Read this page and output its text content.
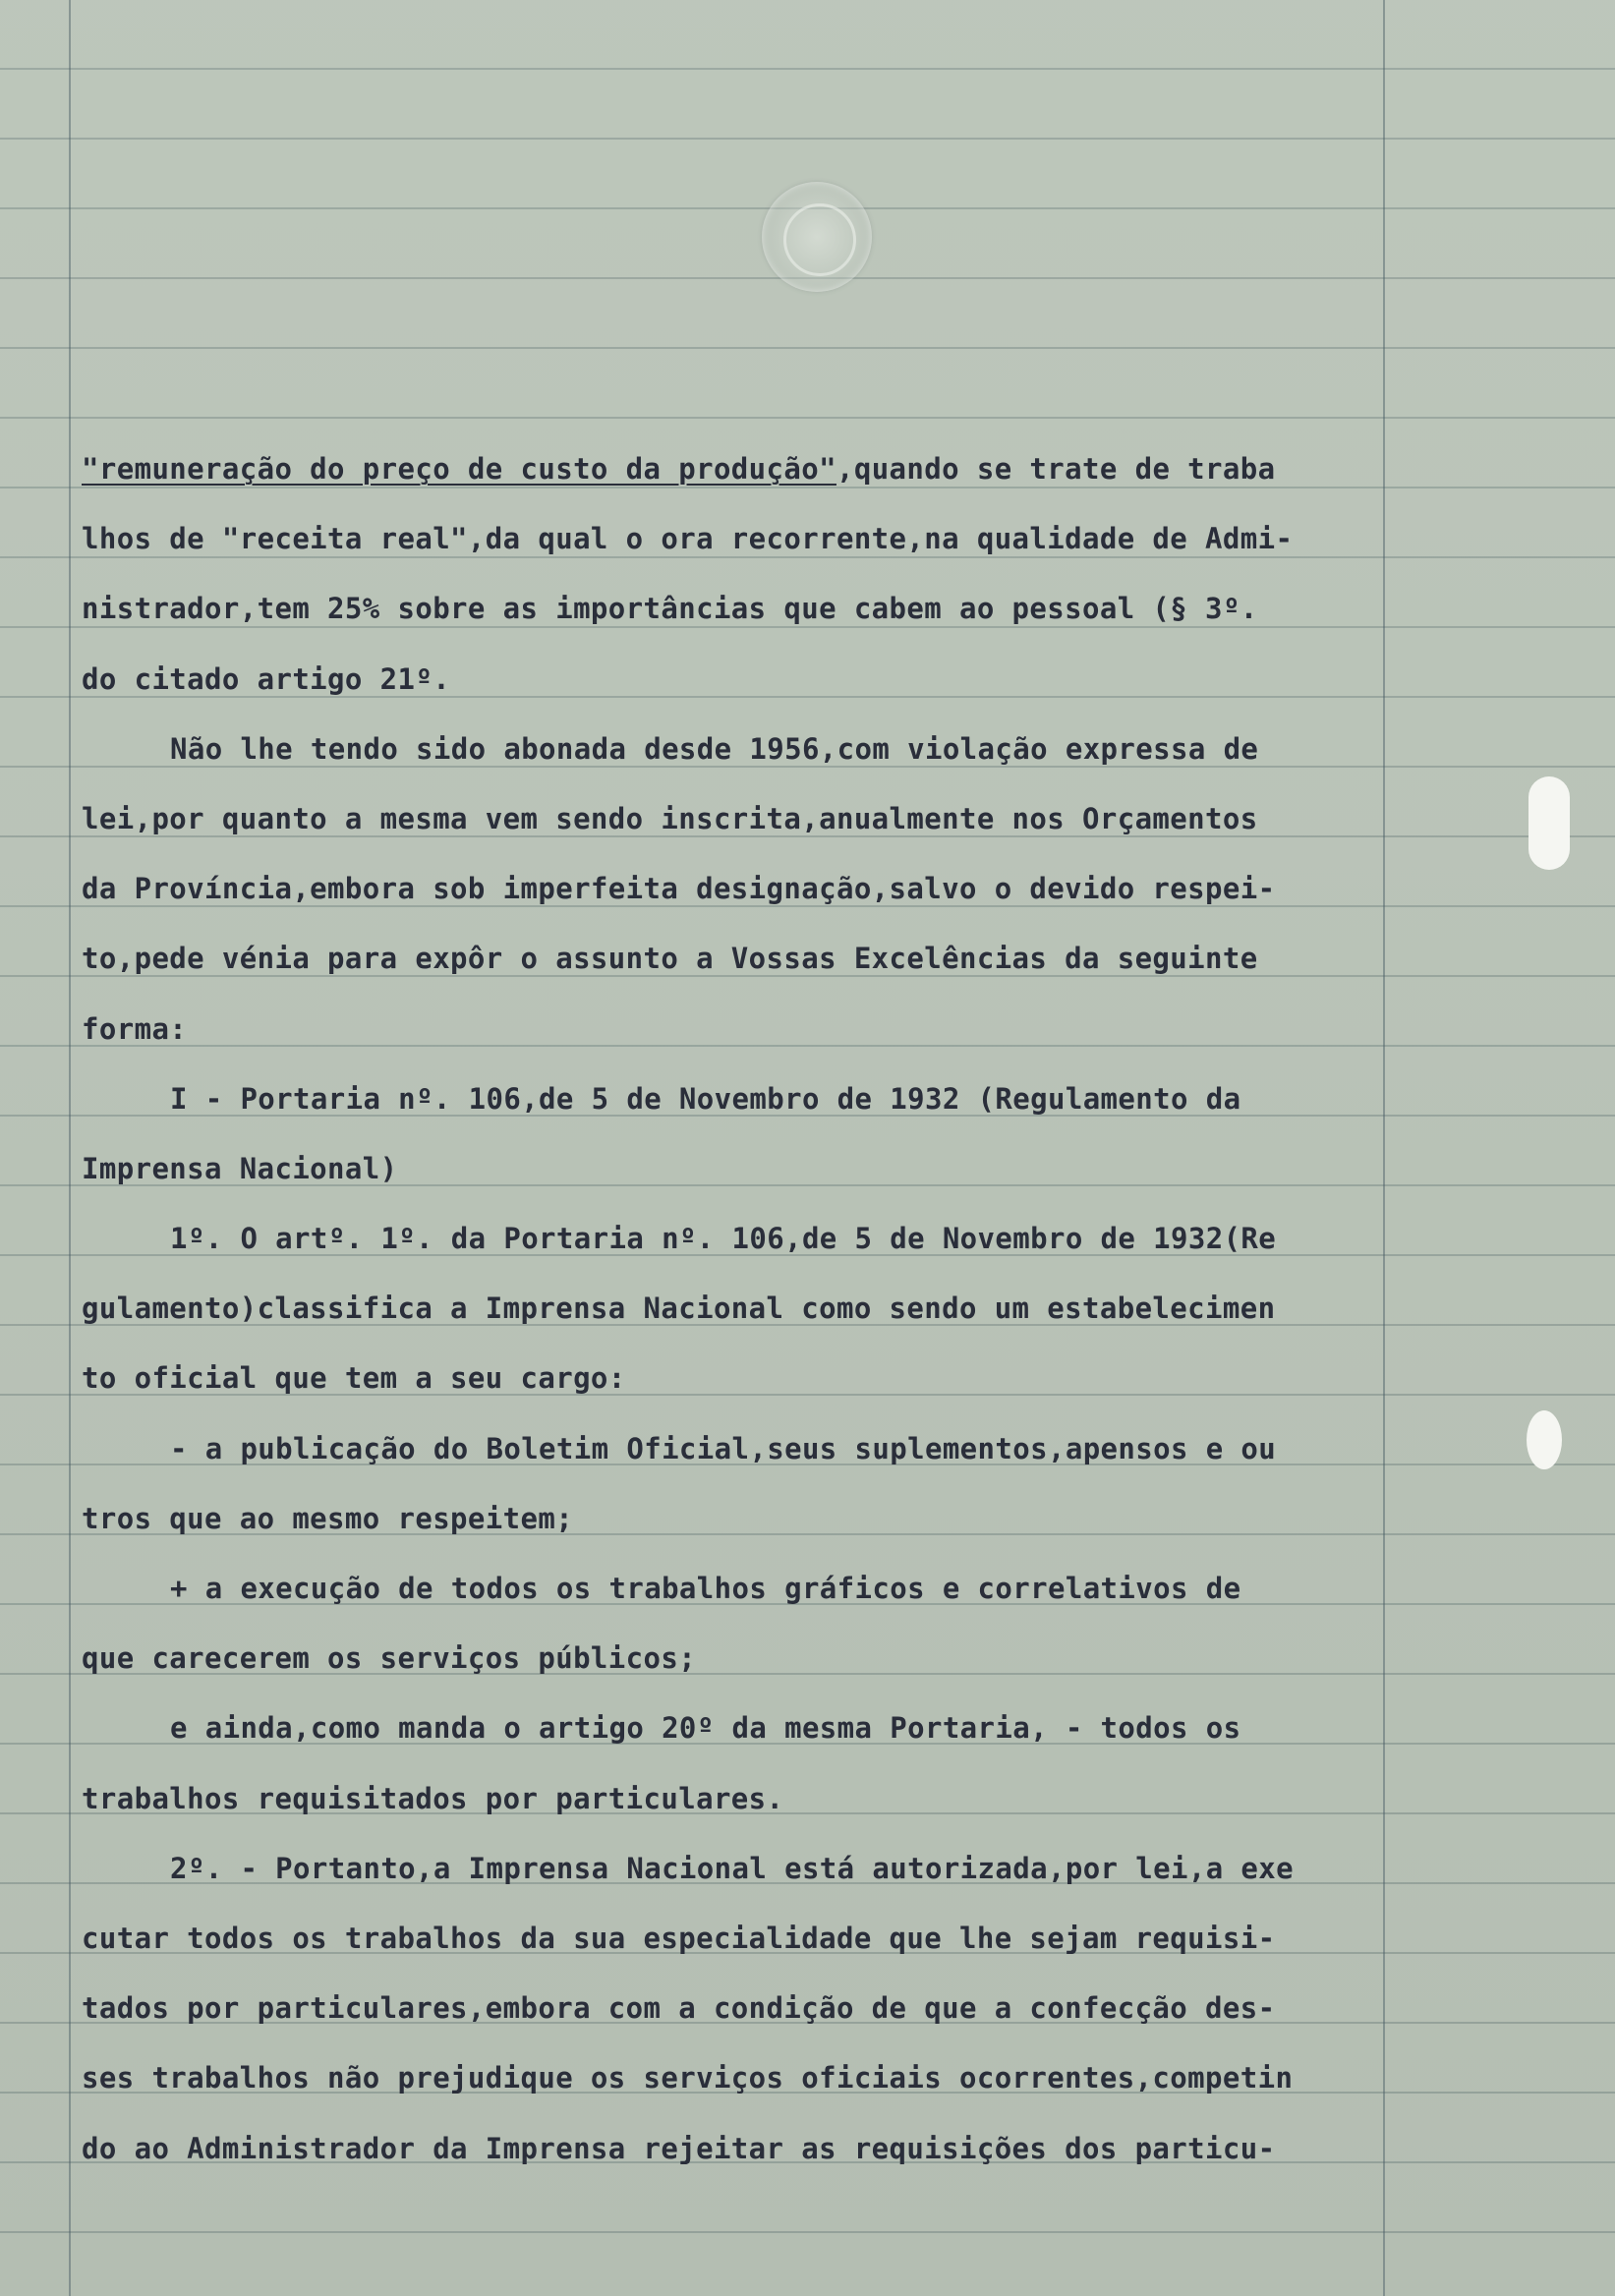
"remuneração do preço de custo da produção",quando se trate de traba
lhos de "receita real",da qual o ora recorrente,na qualidade de Admi-
nistrador,tem 25% sobre as importâncias que cabem ao pessoal (§ 3º.
do citado artigo 21º.
Não lhe tendo sido abonada desde 1956,com violação expressa de
lei,por quanto a mesma vem sendo inscrita,anualmente nos Orçamentos
da Província,embora sob imperfeita designação,salvo o devido respei-
to,pede vénia para expôr o assunto a Vossas Excelências da seguinte
forma:
I - Portaria nº. 106,de 5 de Novembro de 1932 (Regulamento da
Imprensa Nacional)
1º. O artº. 1º. da Portaria nº. 106,de 5 de Novembro de 1932(Re
gulamento)classifica a Imprensa Nacional como sendo um estabelecimen
to oficial que tem a seu cargo:
- a publicação do Boletim Oficial,seus suplementos,apensos e ou
tros que ao mesmo respeitem;
+ a execução de todos os trabalhos gráficos e correlativos de
que carecerem os serviços públicos;
e ainda,como manda o artigo 20º da mesma Portaria, - todos os
trabalhos requisitados por particulares.
2º. - Portanto,a Imprensa Nacional está autorizada,por lei,a exe
cutar todos os trabalhos da sua especialidade que lhe sejam requisi-
tados por particulares,embora com a condição de que a confecção des-
ses trabalhos não prejudique os serviços oficiais ocorrentes,competin
do ao Administrador da Imprensa rejeitar as requisições dos particu-
